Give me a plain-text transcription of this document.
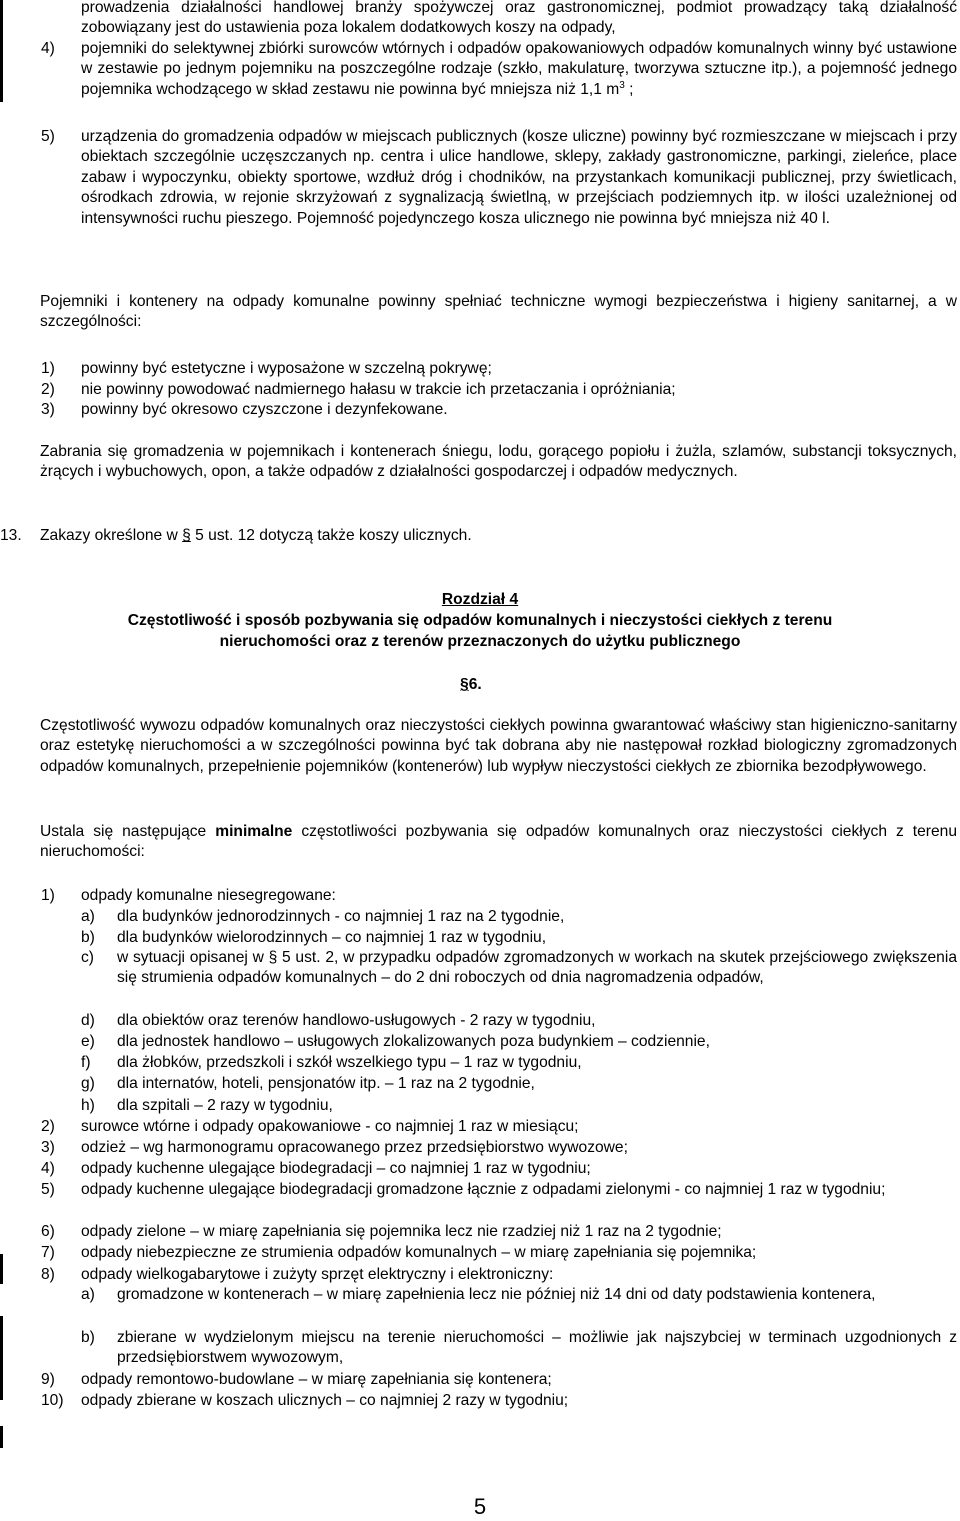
prowadzenia działalności handlowej branży spożywczej oraz gastronomicznej, podmiot prowadzący taką działalność zobowiązany jest do ustawienia poza lokalem dodatkowych koszy na odpady,

4)	pojemniki do selektywnej zbiórki surowców wtórnych i odpadów opakowaniowych odpadów komunalnych winny być ustawione w zestawie po jednym pojemniku na poszczególne rodzaje (szkło, makulaturę, tworzywa sztuczne itp.), a pojemność jednego pojemnika wchodzącego w skład zestawu nie powinna być mniejsza niż 1,1 $m^3$ ;

5)	urządzenia do gromadzenia odpadów w miejscach publicznych (kosze uliczne) powinny być rozmieszczane w miejscach i przy obiektach szczególnie uczęszczanych np. centra i ulice handlowe, sklepy, zakłady gastronomiczne, parkingi, zieleńce, place zabaw i wypoczynku, obiekty sportowe, wzdłuż dróg i chodników, na przystankach komunikacji publicznej, przy świetlicach, ośrodkach zdrowia, w rejonie skrzyżowań z sygnalizacją świetlną, w przejściach podziemnych itp. w ilości uzależnionej od intensywności ruchu pieszego. Pojemność pojedynczego kosza ulicznego nie powinna być mniejsza niż 40 l.

Pojemniki i kontenery na odpady komunalne powinny spełniać techniczne wymogi bezpieczeństwa i higieny sanitarnej, a w szczególności:

1)	powinny być estetyczne i wyposażone w szczelną pokrywę;

2)	nie powinny powodować nadmiernego hałasu w trakcie ich przetaczania i opróżniania;

3)	powinny być okresowo czyszczone i dezynfekowane.

Zabrania się gromadzenia w pojemnikach i kontenerach śniegu, lodu, gorącego popiołu i żużla, szlamów, substancji toksycznych, żrących i wybuchowych, opon, a także odpadów z działalności gospodarczej i odpadów medycznych.

13. Zakazy określone w § 5 ust. 12 dotyczą także koszy ulicznych.

Rozdział 4

Częstotliwość i sposób pozbywania się odpadów komunalnych i nieczystości ciekłych z terenu

nieruchomości oraz z terenów przeznaczonych do użytku publicznego

§6.

Częstotliwość wywozu odpadów komunalnych oraz nieczystości ciekłych powinna gwarantować właściwy stan higieniczno-sanitarny oraz estetykę nieruchomości a w szczególności powinna być tak dobrana aby nie następował rozkład biologiczny zgromadzonych odpadów komunalnych, przepełnienie pojemników (kontenerów) lub wypływ nieczystości ciekłych ze zbiornika bezodpływowego.

Ustala się następujące minimalne częstotliwości pozbywania się odpadów komunalnych oraz nieczystości ciekłych z terenu nieruchomości:

1)	odpady komunalne niesegregowane:

a)	dla budynków jednorodzinnych - co najmniej 1 raz na 2 tygodnie,

b)	dla budynków wielorodzinnych – co najmniej 1 raz w tygodniu,

c)	w sytuacji opisanej w § 5 ust. 2, w przypadku odpadów zgromadzonych w workach na skutek przejściowego zwiększenia się strumienia odpadów komunalnych – do 2 dni roboczych od dnia nagromadzenia odpadów,

d)	dla obiektów oraz terenów handlowo-usługowych - 2 razy w tygodniu,

e)	dla jednostek handlowo – usługowych zlokalizowanych poza budynkiem – codziennie,

f)	dla żłobków, przedszkoli i szkół wszelkiego typu – 1 raz w tygodniu,

g)	dla internatów, hoteli, pensjonatów itp. – 1 raz na 2 tygodnie,

h)	dla szpitali – 2 razy w tygodniu,

2)	surowce wtórne i odpady opakowaniowe - co najmniej 1 raz w miesiącu;

3)	odzież – wg harmonogramu opracowanego przez przedsiębiorstwo wywozowe;

4)	odpady kuchenne ulegające biodegradacji – co najmniej 1 raz w tygodniu;

5)	odpady kuchenne ulegające biodegradacji gromadzone łącznie z odpadami zielonymi - co najmniej 1 raz w tygodniu;

6)	odpady zielone – w miarę zapełniania się pojemnika lecz nie rzadziej niż 1 raz na 2 tygodnie;

7)	odpady niebezpieczne ze strumienia odpadów komunalnych – w miarę zapełniania się pojemnika;

8)	odpady wielkogabarytowe i zużyty sprzęt elektryczny i elektroniczny:

a)	gromadzone w kontenerach – w miarę zapełnienia lecz nie później niż 14 dni od daty podstawienia kontenera,

b)	zbierane w wydzielonym miejscu na terenie nieruchomości – możliwie jak najszybciej w terminach uzgodnionych z przedsiębiorstwem wywozowym,

9)	odpady remontowo-budowlane – w miarę zapełniania się kontenera;

10)	odpady zbierane w koszach ulicznych – co najmniej 2 razy w tygodniu;

5
